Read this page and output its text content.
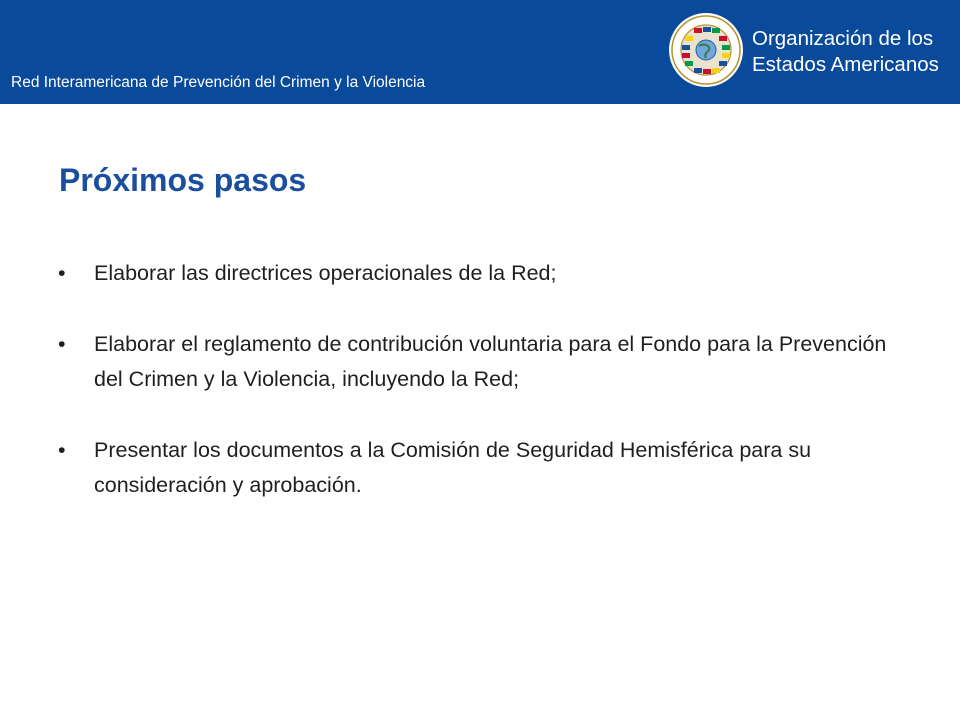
Red Interamericana de Prevención del Crimen y la Violencia
Organización de los
Estados Americanos
Próximos pasos
• Elaborar las directrices operacionales de la Red;
• Elaborar el reglamento de contribución voluntaria para el Fondo para la Prevención del Crimen y la Violencia, incluyendo la Red;
• Presentar los documentos a la Comisión de Seguridad Hemisférica para su consideración y aprobación.
